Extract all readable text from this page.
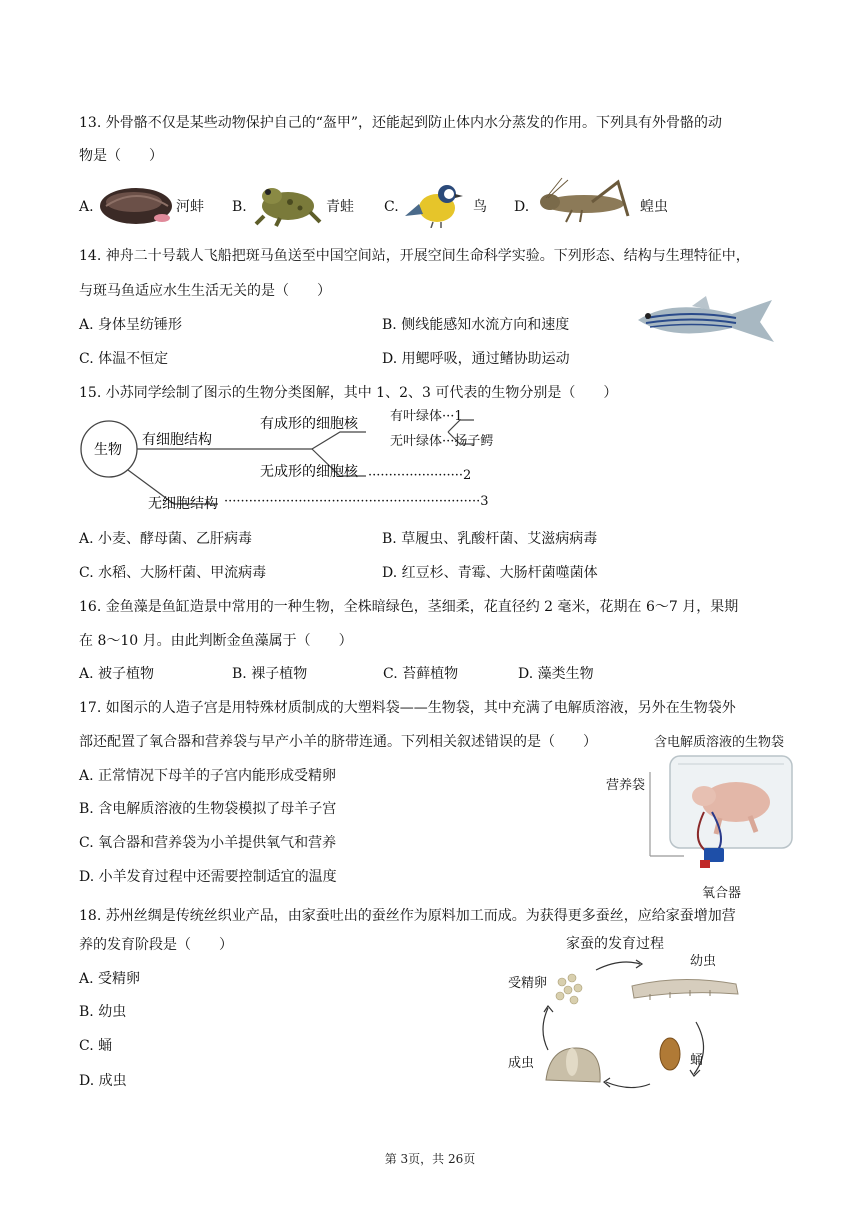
13. 外骨骼不仅是某些动物保护自己的“盔甲”，还能起到防止体内水分蒸发的作用。下列具有外骨骼的动
物是（　　）
A.	河蚌 B.	青蛙 C.	鸟 D.	蝗虫
14. 神舟二十号载人飞船把斑马鱼送至中国空间站，开展空间生命科学实验。下列形态、结构与生理特征中，
与斑马鱼适应水生生活无关的是（　　）
A. 身体呈纺锤形	B. 侧线能感知水流方向和速度
C. 体温不恒定	D. 用鳃呼吸，通过鳍协助运动
15. 小苏同学绘制了图示的生物分类图解，其中 1、2、3 可代表的生物分别是（　　）
生物
有细胞结构
无细胞结构
有成形的细胞核
无成形的细胞核
有叶绿体···1
无叶绿体···扬子鳄
·······················2
······························································3
A. 小麦、酵母菌、乙肝病毒	B. 草履虫、乳酸杆菌、艾滋病病毒
C. 水稻、大肠杆菌、甲流病毒	D. 红豆杉、青霉、大肠杆菌噬菌体
16. 金鱼藻是鱼缸造景中常用的一种生物，全株暗绿色，茎细柔，花直径约 2 毫米，花期在 6～7 月，果期
在 8～10 月。由此判断金鱼藻属于（　　）
A. 被子植物	B. 裸子植物	C. 苔藓植物	D. 藻类生物
17. 如图示的人造子宫是用特殊材质制成的大塑料袋——生物袋，其中充满了电解质溶液，另外在生物袋外
部还配置了氧合器和营养袋与早产小羊的脐带连通。下列相关叙述错误的是（　　）	含电解质溶液的生物袋
A. 正常情况下母羊的子宫内能形成受精卵
B. 含电解质溶液的生物袋模拟了母羊子宫
C. 氧合器和营养袋为小羊提供氧气和营养
D. 小羊发育过程中还需要控制适宜的温度
营养袋
氧合器
18. 苏州丝绸是传统丝织业产品，由家蚕吐出的蚕丝作为原料加工而成。为获得更多蚕丝，应给家蚕增加营
养的发育阶段是（　　）
A. 受精卵
B. 幼虫
C. 蛹
D. 成虫
家蚕的发育过程
受精卵
幼虫
蛹
成虫
第 3页，共 26页
